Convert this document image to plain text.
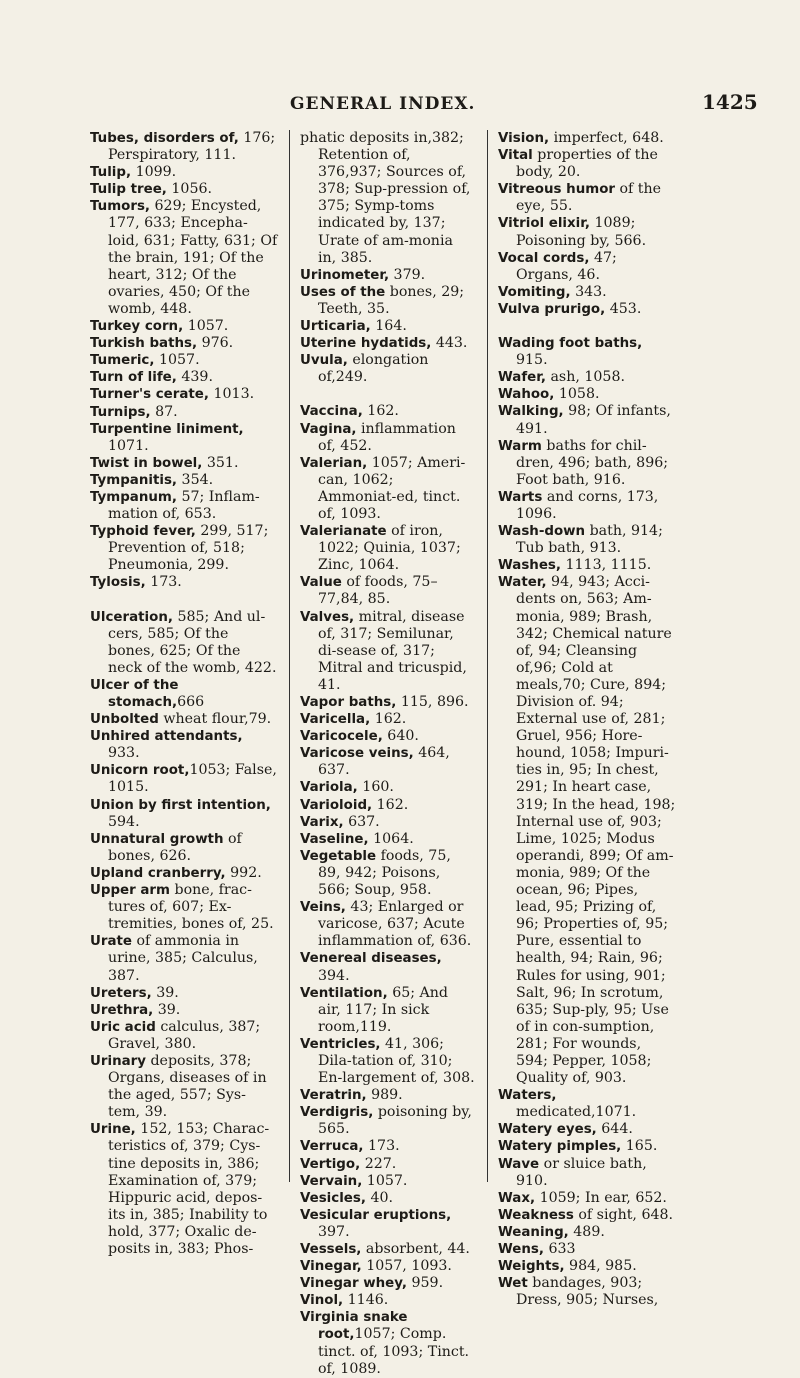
GENERAL INDEX.	1425

Tubes, disorders of, 176; Perspiratory, 111.

Tulip, 1099.

Tulip tree, 1056.

Tumors, 629; Encysted, 177, 633; Encepha-loid, 631; Fatty, 631; Of the brain, 191; Of the heart, 312; Of the ovaries, 450; Of the womb, 448.

Turkey corn, 1057.

Turkish baths, 976.

Tumeric, 1057.

Turn of life, 439.

Turner's cerate, 1013.

Turnips, 87.

Turpentine liniment, 1071.

Twist in bowel, 351.

Tympanitis, 354.

Tympanum, 57; Inflam-mation of, 653.

Typhoid fever, 299, 517; Prevention of, 518; Pneumonia, 299.

Tylosis, 173.

Ulceration, 585; And ul-cers, 585; Of the bones, 625; Of the neck of the womb, 422.

Ulcer of the stomach,666

Unbolted wheat flour,79.

Unhired attendants, 933.

Unicorn root,1053; False, 1015.

Union by first intention, 594.

Unnatural growth of bones, 626.

Upland cranberry, 992.

Upper arm bone, frac-tures of, 607; Ex-tremities, bones of, 25.

Urate of ammonia in urine, 385; Calculus, 387.

Ureters, 39.

Urethra, 39.

Uric acid calculus, 387; Gravel, 380.

Urinary deposits, 378; Organs, diseases of in the aged, 557; Sys-tem, 39.

Urine, 152, 153; Charac-teristics of, 379; Cys-tine deposits in, 386; Examination of, 379; Hippuric acid, depos-its in, 385; Inability to hold, 377; Oxalic de-posits in, 383; Phos-

phatic deposits in,382; Retention of, 376,937; Sources of, 378; Sup-pression of, 375; Symp-toms indicated by, 137; Urate of am-monia in, 385.

Urinometer, 379.

Uses of the bones, 29; Teeth, 35.

Urticaria, 164.

Uterine hydatids, 443.

Uvula, elongation of,249.

Vaccina, 162.

Vagina, inflammation of, 452.

Valerian, 1057; Ameri-can, 1062; Ammoniat-ed, tinct. of, 1093.

Valerianate of iron, 1022; Quinia, 1037; Zinc, 1064.

Value of foods, 75–77,84, 85.

Valves, mitral, disease of, 317; Semilunar, di-sease of, 317; Mitral and tricuspid, 41.

Vapor baths, 115, 896.

Varicella, 162.

Varicocele, 640.

Varicose veins, 464, 637.

Variola, 160.

Varioloid, 162.

Varix, 637.

Vaseline, 1064.

Vegetable foods, 75, 89, 942; Poisons, 566; Soup, 958.

Veins, 43; Enlarged or varicose, 637; Acute inflammation of, 636.

Venereal diseases, 394.

Ventilation, 65; And air, 117; In sick room,119.

Ventricles, 41, 306; Dila-tation of, 310; En-largement of, 308.

Veratrin, 989.

Verdigris, poisoning by, 565.

Verruca, 173.

Vertigo, 227.

Vervain, 1057.

Vesicles, 40.

Vesicular eruptions, 397.

Vessels, absorbent, 44.

Vinegar, 1057, 1093.

Vinegar whey, 959.

Vinol, 1146.

Virginia snake root,1057; Comp. tinct. of, 1093; Tinct. of, 1089.

Vision, imperfect, 648.

Vital properties of the body, 20.

Vitreous humor of the eye, 55.

Vitriol elixir, 1089; Poisoning by, 566.

Vocal cords, 47; Organs, 46.

Vomiting, 343.

Vulva prurigo, 453.

Wading foot baths, 915.

Wafer, ash, 1058.

Wahoo, 1058.

Walking, 98; Of infants, 491.

Warm baths for chil-dren, 496; bath, 896; Foot bath, 916.

Warts and corns, 173, 1096.

Wash-down bath, 914; Tub bath, 913.

Washes, 1113, 1115.

Water, 94, 943; Acci-dents on, 563; Am-monia, 989; Brash, 342; Chemical nature of, 94; Cleansing of,96; Cold at meals,70; Cure, 894; Division of. 94; External use of, 281; Gruel, 956; Hore-hound, 1058; Impuri-ties in, 95; In chest, 291; In heart case, 319; In the head, 198; Internal use of, 903; Lime, 1025; Modus operandi, 899; Of am-monia, 989; Of the ocean, 96; Pipes, lead, 95; Prizing of, 96; Properties of, 95; Pure, essential to health, 94; Rain, 96; Rules for using, 901; Salt, 96; In scrotum, 635; Sup-ply, 95; Use of in con-sumption, 281; For wounds, 594; Pepper, 1058; Quality of, 903.

Waters, medicated,1071.

Watery eyes, 644.

Watery pimples, 165.

Wave or sluice bath, 910.

Wax, 1059; In ear, 652.

Weakness of sight, 648.

Weaning, 489.

Wens, 633

Weights, 984, 985.

Wet bandages, 903; Dress, 905; Nurses,
